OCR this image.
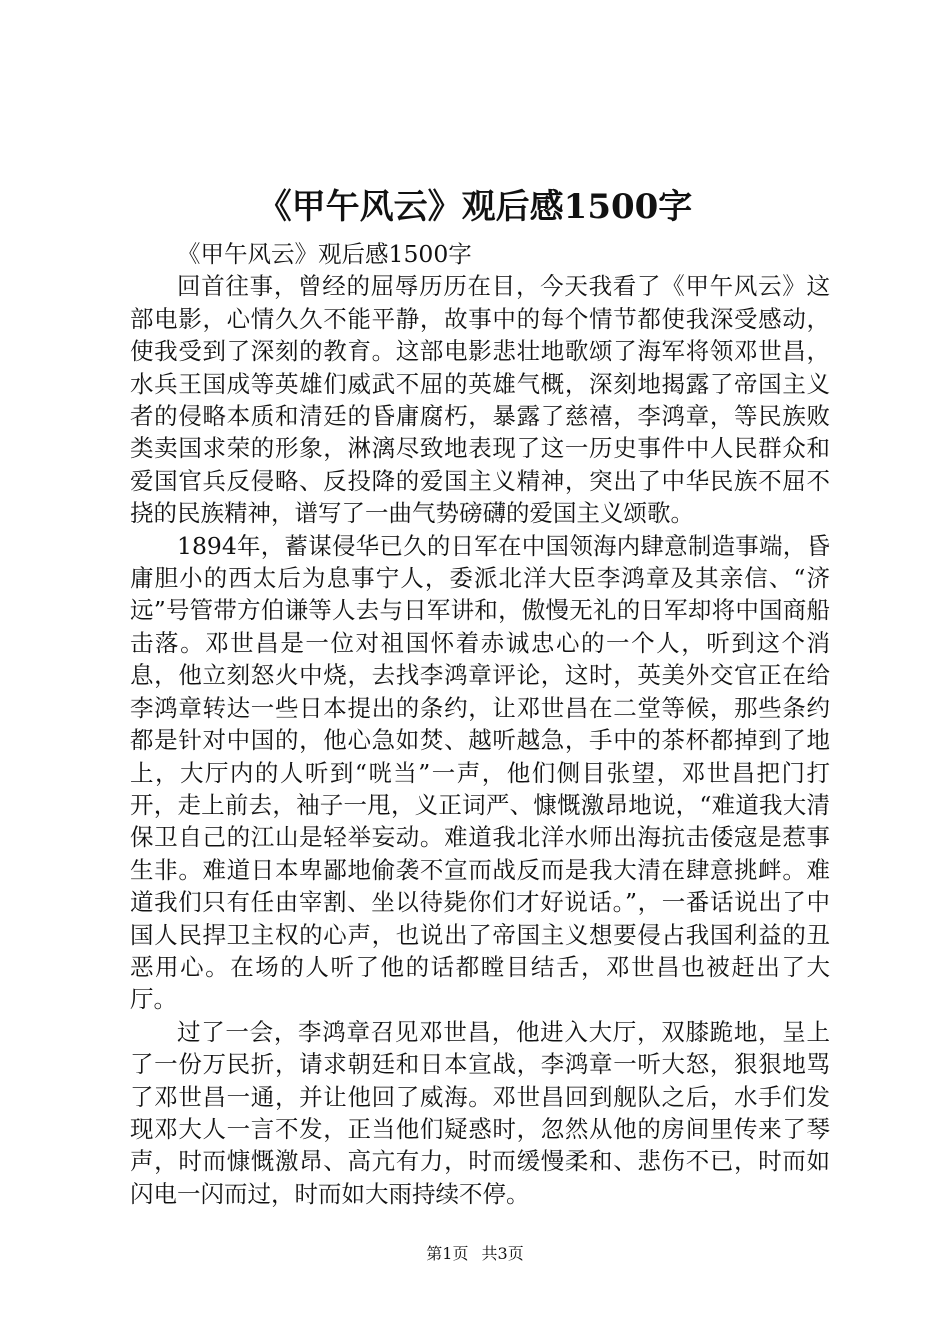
《甲午风云》观后感1500字

《甲午风云》观后感1500字

回首往事，曾经的屈辱历历在目，今天我看了《甲午风云》这部电影，心情久久不能平静，故事中的每个情节都使我深受感动，使我受到了深刻的教育。这部电影悲壮地歌颂了海军将领邓世昌，水兵王国成等英雄们威武不屈的英雄气概，深刻地揭露了帝国主义者的侵略本质和清廷的昏庸腐朽，暴露了慈禧，李鸿章，等民族败类卖国求荣的形象，淋漓尽致地表现了这一历史事件中人民群众和爱国官兵反侵略、反投降的爱国主义精神，突出了中华民族不屈不挠的民族精神，谱写了一曲气势磅礴的爱国主义颂歌。

1894年，蓄谋侵华已久的日军在中国领海内肆意制造事端，昏庸胆小的西太后为息事宁人，委派北洋大臣李鸿章及其亲信、“济远”号管带方伯谦等人去与日军讲和，傲慢无礼的日军却将中国商船击落。邓世昌是一位对祖国怀着赤诚忠心的一个人，听到这个消息，他立刻怒火中烧，去找李鸿章评论，这时，英美外交官正在给李鸿章转达一些日本提出的条约，让邓世昌在二堂等候，那些条约都是针对中国的，他心急如焚、越听越急，手中的茶杯都掉到了地上，大厅内的人听到“咣当”一声，他们侧目张望，邓世昌把门打开，走上前去，袖子一甩，义正词严、慷慨激昂地说，“难道我大清保卫自己的江山是轻举妄动。难道我北洋水师出海抗击倭寇是惹事生非。难道日本卑鄙地偷袭不宣而战反而是我大清在肆意挑衅。难道我们只有任由宰割、坐以待毙你们才好说话。”，一番话说出了中国人民捍卫主权的心声，也说出了帝国主义想要侵占我国利益的丑恶用心。在场的人听了他的话都瞠目结舌，邓世昌也被赶出了大厅。

过了一会，李鸿章召见邓世昌，他进入大厅，双膝跪地，呈上了一份万民折，请求朝廷和日本宣战，李鸿章一听大怒，狠狠地骂了邓世昌一通，并让他回了威海。邓世昌回到舰队之后，水手们发现邓大人一言不发，正当他们疑惑时，忽然从他的房间里传来了琴声，时而慷慨激昂、高亢有力，时而缓慢柔和、悲伤不已，时而如闪电一闪而过，时而如大雨持续不停。

第1页 共3页
